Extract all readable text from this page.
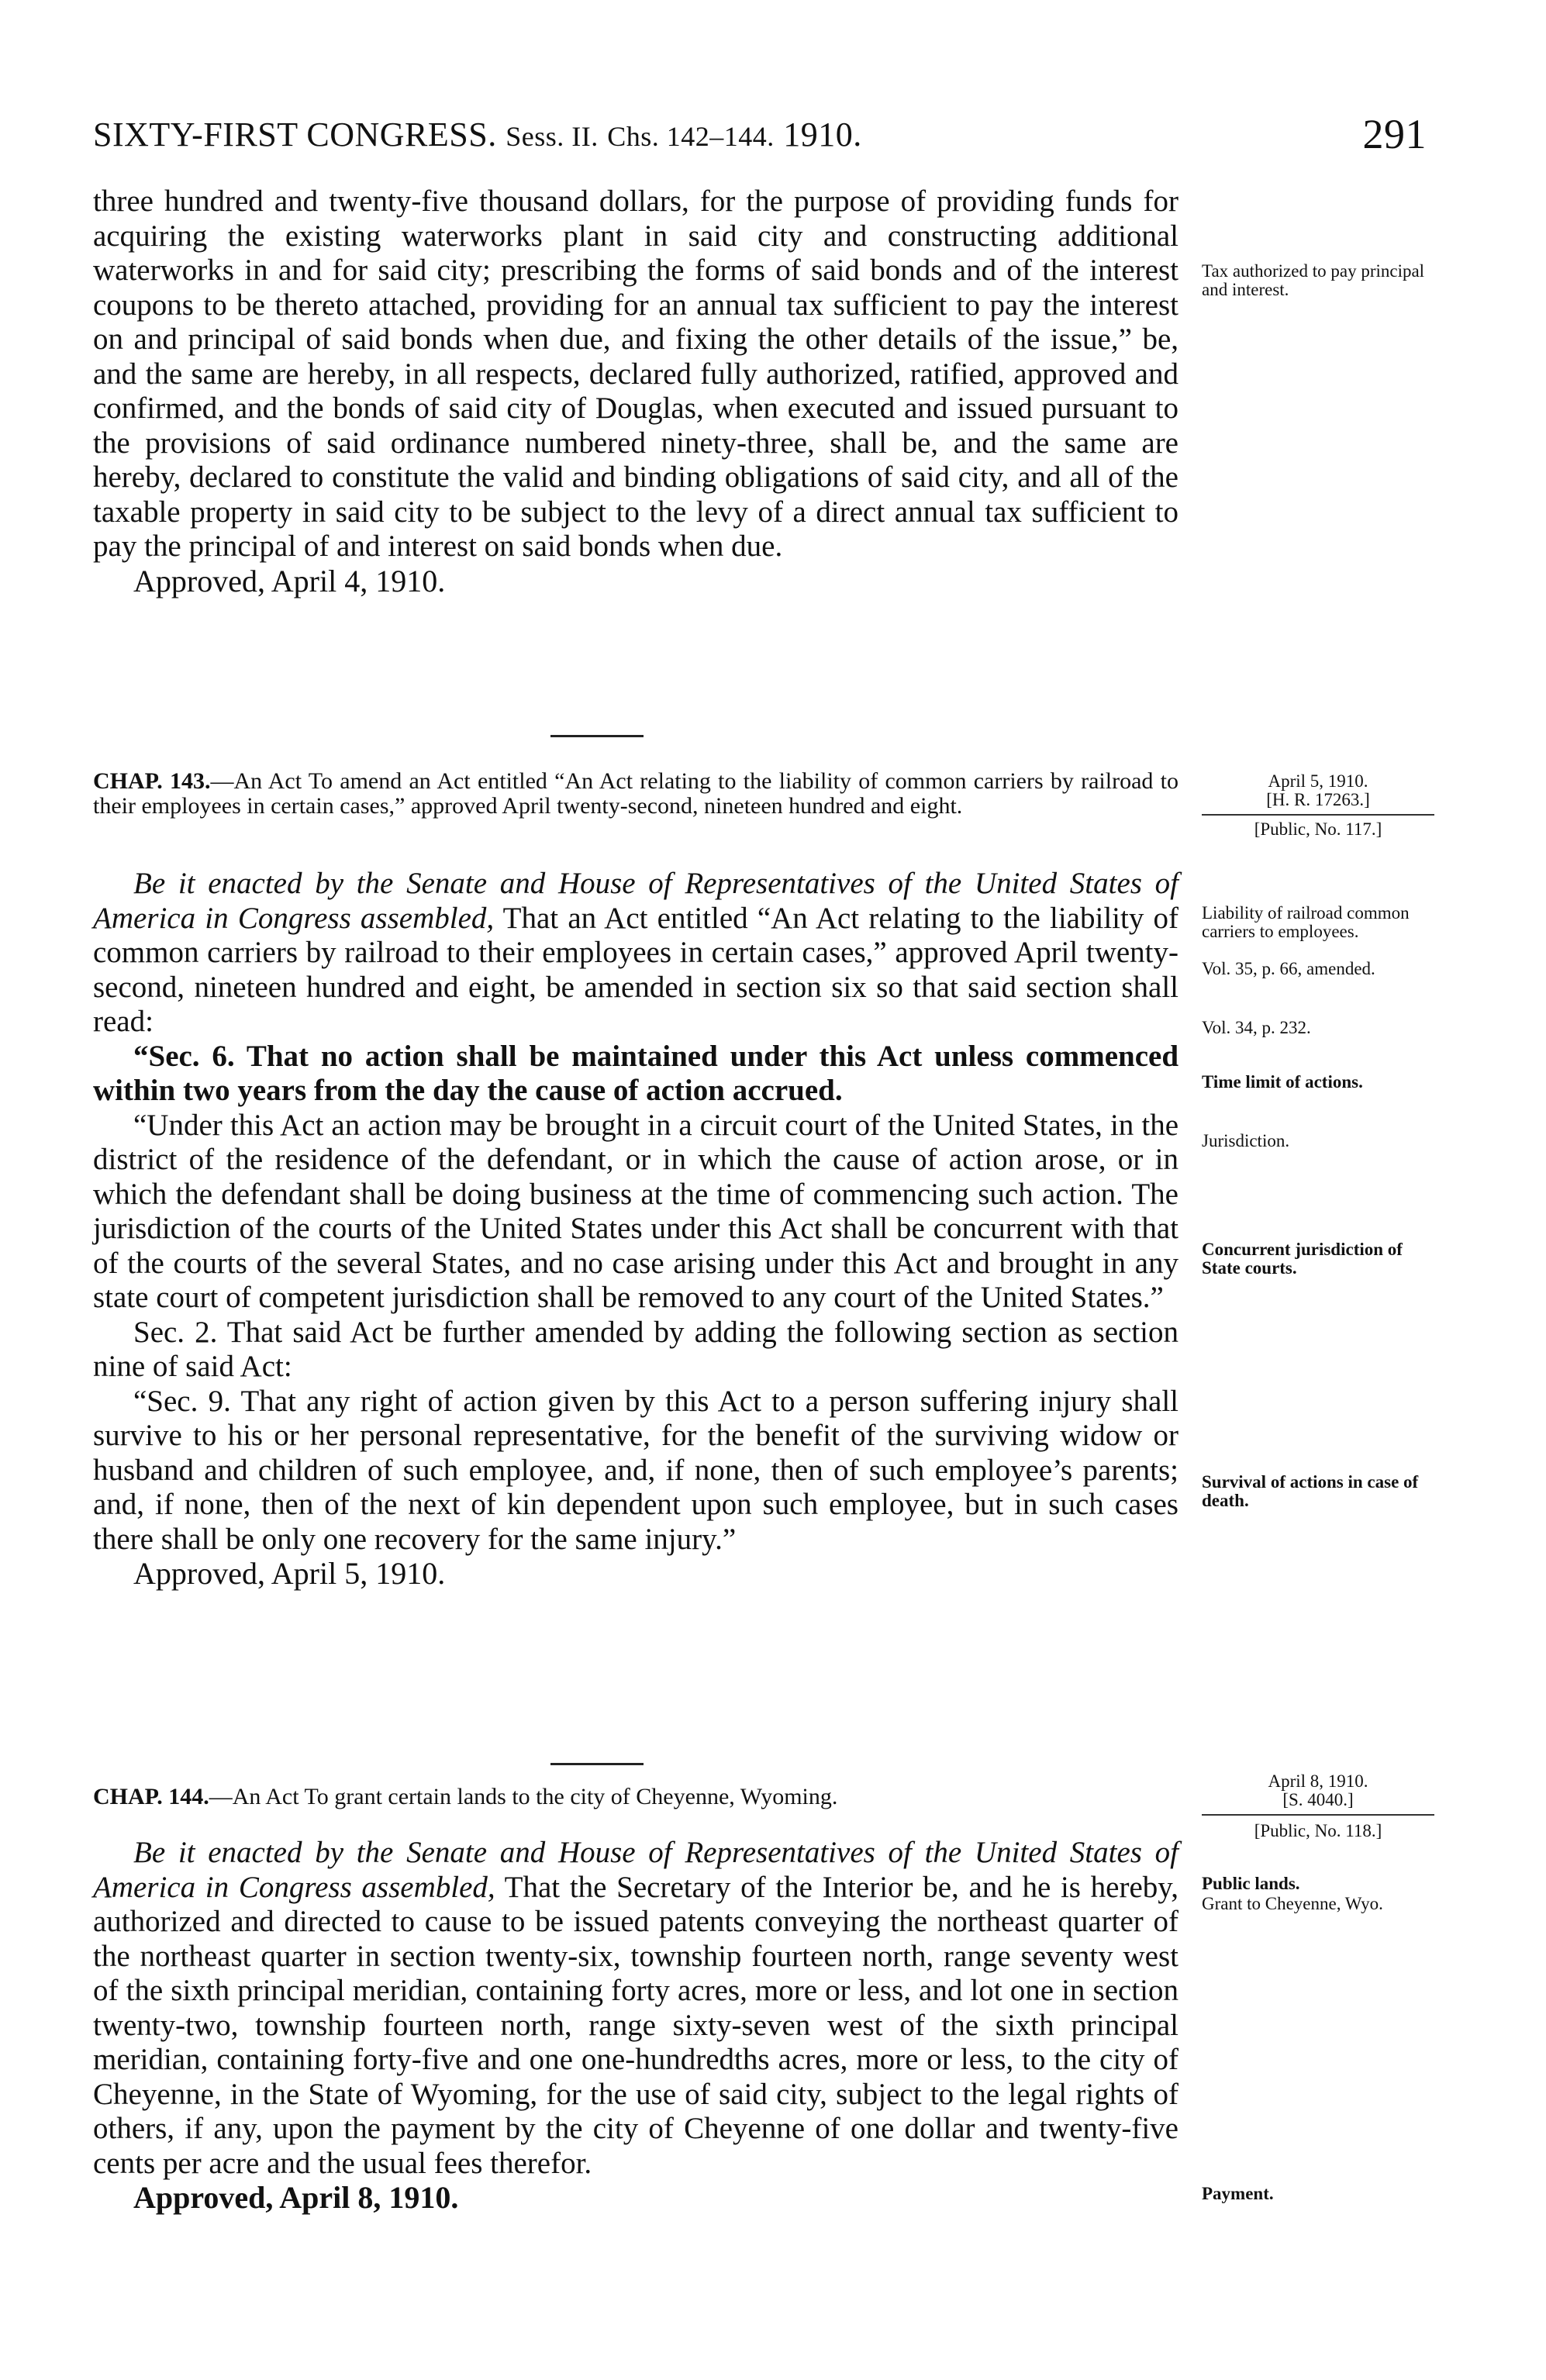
SIXTY-FIRST CONGRESS. Sess. II. Chs. 142–144. 1910.	291

three hundred and twenty-five thousand dollars, for the purpose of providing funds for acquiring the existing waterworks plant in said city and constructing additional waterworks in and for said city; prescribing the forms of said bonds and of the interest coupons to be thereto attached, providing for an annual tax sufficient to pay the interest on and principal of said bonds when due, and fixing the other details of the issue,” be, and the same are hereby, in all respects, declared fully authorized, ratified, approved and confirmed, and the bonds of said city of Douglas, when executed and issued pursuant to the provisions of said ordinance numbered ninety-three, shall be, and the same are hereby, declared to constitute the valid and binding obligations of said city, and all of the taxable property in said city to be subject to the levy of a direct annual tax sufficient to pay the principal of and interest on said bonds when due.

Approved, April 4, 1910.

CHAP. 143.—An Act To amend an Act entitled “An Act relating to the liability of common carriers by railroad to their employees in certain cases,” approved April twenty-second, nineteen hundred and eight.

Be it enacted by the Senate and House of Representatives of the United States of America in Congress assembled, That an Act entitled “An Act relating to the liability of common carriers by railroad to their employees in certain cases,” approved April twenty-second, nineteen hundred and eight, be amended in section six so that said section shall read:

“Sec. 6. That no action shall be maintained under this Act unless commenced within two years from the day the cause of action accrued.

“Under this Act an action may be brought in a circuit court of the United States, in the district of the residence of the defendant, or in which the cause of action arose, or in which the defendant shall be doing business at the time of commencing such action. The jurisdiction of the courts of the United States under this Act shall be concurrent with that of the courts of the several States, and no case arising under this Act and brought in any state court of competent jurisdiction shall be removed to any court of the United States.”

Sec. 2. That said Act be further amended by adding the following section as section nine of said Act:

“Sec. 9. That any right of action given by this Act to a person suffering injury shall survive to his or her personal representative, for the benefit of the surviving widow or husband and children of such employee, and, if none, then of such employee’s parents; and, if none, then of the next of kin dependent upon such employee, but in such cases there shall be only one recovery for the same injury.”

Approved, April 5, 1910.

CHAP. 144.—An Act To grant certain lands to the city of Cheyenne, Wyoming.

Be it enacted by the Senate and House of Representatives of the United States of America in Congress assembled, That the Secretary of the Interior be, and he is hereby, authorized and directed to cause to be issued patents conveying the northeast quarter of the northeast quarter in section twenty-six, township fourteen north, range seventy west of the sixth principal meridian, containing forty acres, more or less, and lot one in section twenty-two, township fourteen north, range sixty-seven west of the sixth principal meridian, containing forty-five and one one-hundredths acres, more or less, to the city of Cheyenne, in the State of Wyoming, for the use of said city, subject to the legal rights of others, if any, upon the payment by the city of Cheyenne of one dollar and twenty-five cents per acre and the usual fees therefor.

Approved, April 8, 1910.

Tax authorized to pay principal and interest.
April 5, 1910.
[H. R. 17263.]
[Public, No. 117.]
Liability of railroad common carriers to employees.
Vol. 35, p. 66, amended.
Vol. 34, p. 232.
Time limit of actions.
Jurisdiction.
Concurrent jurisdiction of State courts.
Survival of actions in case of death.
April 8, 1910.
[S. 4040.]
[Public, No. 118.]
Public lands.
Grant to Cheyenne, Wyo.
Payment.
